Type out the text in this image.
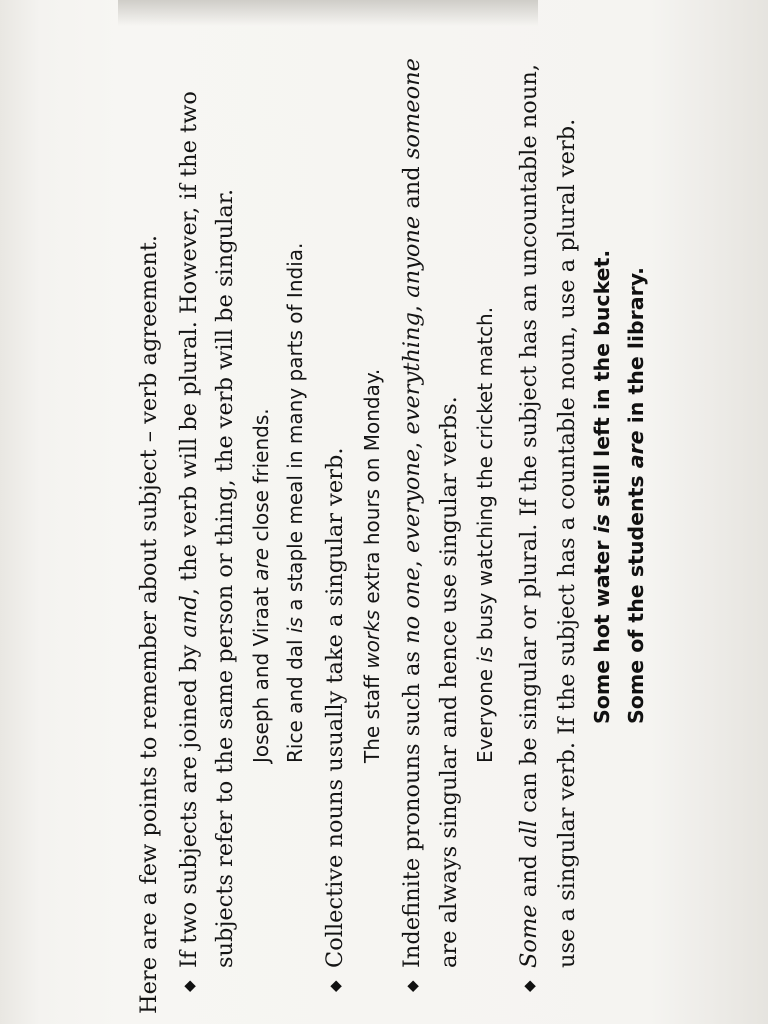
Here are a few points to remember about subject – verb agreement. ◆
If two subjects are joined by and, the verb will be plural. However, if the two subjects refer to the same person or thing, the verb will be singular. Joseph and Viraat are close friends.
Rice and dal is a staple meal in many parts of India.
◆
Collective nouns usually take a singular verb. The staff works extra hours on Monday.
◆
Indefinite pronouns such as no one, everyone, everything, anyone and someone
are always singular and hence use singular verbs. Everyone is busy watching the cricket match.
◆
Some and all can be singular or plural. If the subject has an uncountable noun, use a singular verb. If the subject has a countable noun, use a plural verb. Some hot water is still left in the bucket.
Some of the students are in the library.
